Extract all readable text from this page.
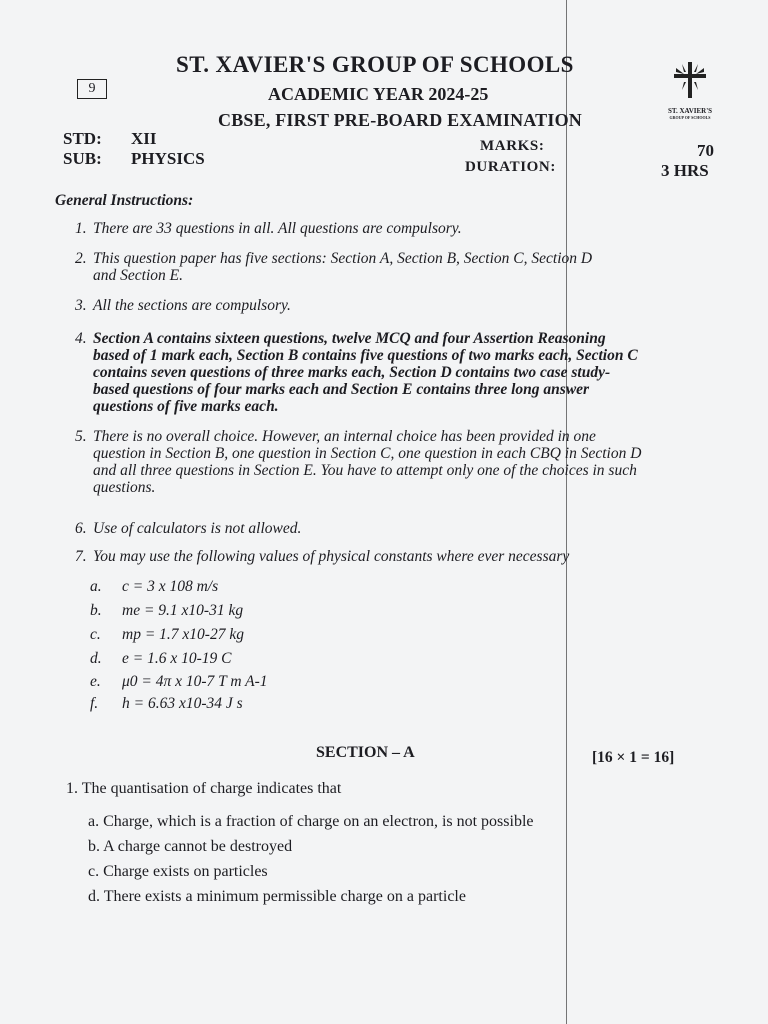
ST. XAVIER'S GROUP OF SCHOOLS
9	ACADEMIC YEAR 2024-25
CBSE, FIRST PRE-BOARD EXAMINATION	ST. XAVIER'S
GROUP OF SCHOOLS
STD: XII
SUB: PHYSICS
MARKS:	70
DURATION:	3 HRS
General Instructions:
1. There are 33 questions in all. All questions are compulsory.
2. This question paper has five sections: Section A, Section B, Section C, Section D and Section E.
3. All the sections are compulsory.
4. Section A contains sixteen questions, twelve MCQ and four Assertion Reasoning based of 1 mark each, Section B contains five questions of two marks each, Section C contains seven questions of three marks each, Section D contains two case study-based questions of four marks each and Section E contains three long answer questions of five marks each.
5. There is no overall choice. However, an internal choice has been provided in one question in Section B, one question in Section C, one question in each CBQ in Section D and all three questions in Section E. You have to attempt only one of the choices in such questions.
6. Use of calculators is not allowed.
7. You may use the following values of physical constants where ever necessary
a. c = 3 x 108 m/s
b. me = 9.1 x10-31 kg
c. mp = 1.7 x10-27 kg
d. e = 1.6 x 10-19 C
e. μ0 = 4π x 10-7 T m A-1
f. h = 6.63 x10-34 J s
SECTION – A	[16 × 1 = 16]
1. The quantisation of charge indicates that
a. Charge, which is a fraction of charge on an electron, is not possible
b. A charge cannot be destroyed
c. Charge exists on particles
d. There exists a minimum permissible charge on a particle
